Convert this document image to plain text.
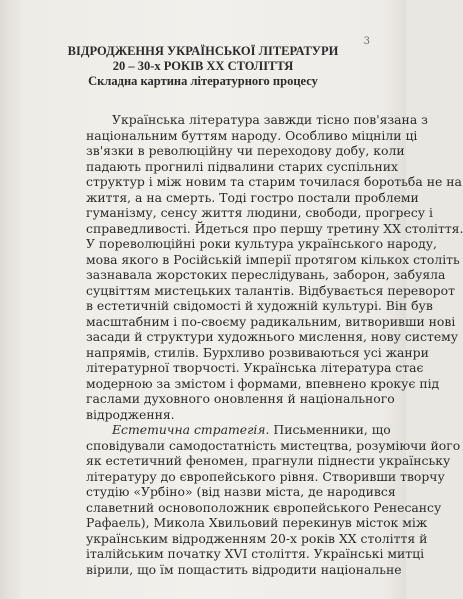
3
ВІДРОДЖЕННЯ УКРАЇНСЬКОЇ ЛІТЕРАТУРИ
20 – 30-х РОКІВ ХХ СТОЛІТТЯ
Складна картина літературного процесу
Українська література завжди тісно пов'язана з
національним буттям народу. Особливо міцніли ці
зв'язки в революційну чи переходову добу, коли
падають прогнилі підвалини старих суспільних
структур і між новим та старим точилася боротьба не на
життя, а на смерть. Тоді гостро постали проблеми
гуманізму, сенсу життя людини, свободи, прогресу і
справедливості. Йдеться про першу третину ХХ століття.
У пореволюційні роки культура українського народу,
мова якого в Російській імперії протягом кількох століть
зазнавала жорстоких переслідувань, заборон, забуяла
суцвіттям мистецьких талантів. Відбувається переворот
в естетичній свідомості й художній культурі. Він був
масштабним і по-своєму радикальним, витворивши нові
засади й структури художнього мислення, нову систему
напрямів, стилів. Бурхливо розвиваються усі жанри
літературної творчості. Українська література стає
модерною за змістом і формами, впевнено крокує під
гаслами духовного оновлення й національного
відродження.
Естетична стратегія. Письменники, що
сповідували самодостатність мистецтва, розуміючи його
як естетичний феномен, прагнули піднести українську
літературу до європейського рівня. Створивши творчу
студію «Урбіно» (від назви міста, де народився
славетний основоположник європейського Ренесансу
Рафаель), Микола Хвильовий перекинув місток між
українським відродженням 20-х років ХХ століття й
італійським початку XVI століття. Українські митці
вірили, що їм пощастить відродити національне
